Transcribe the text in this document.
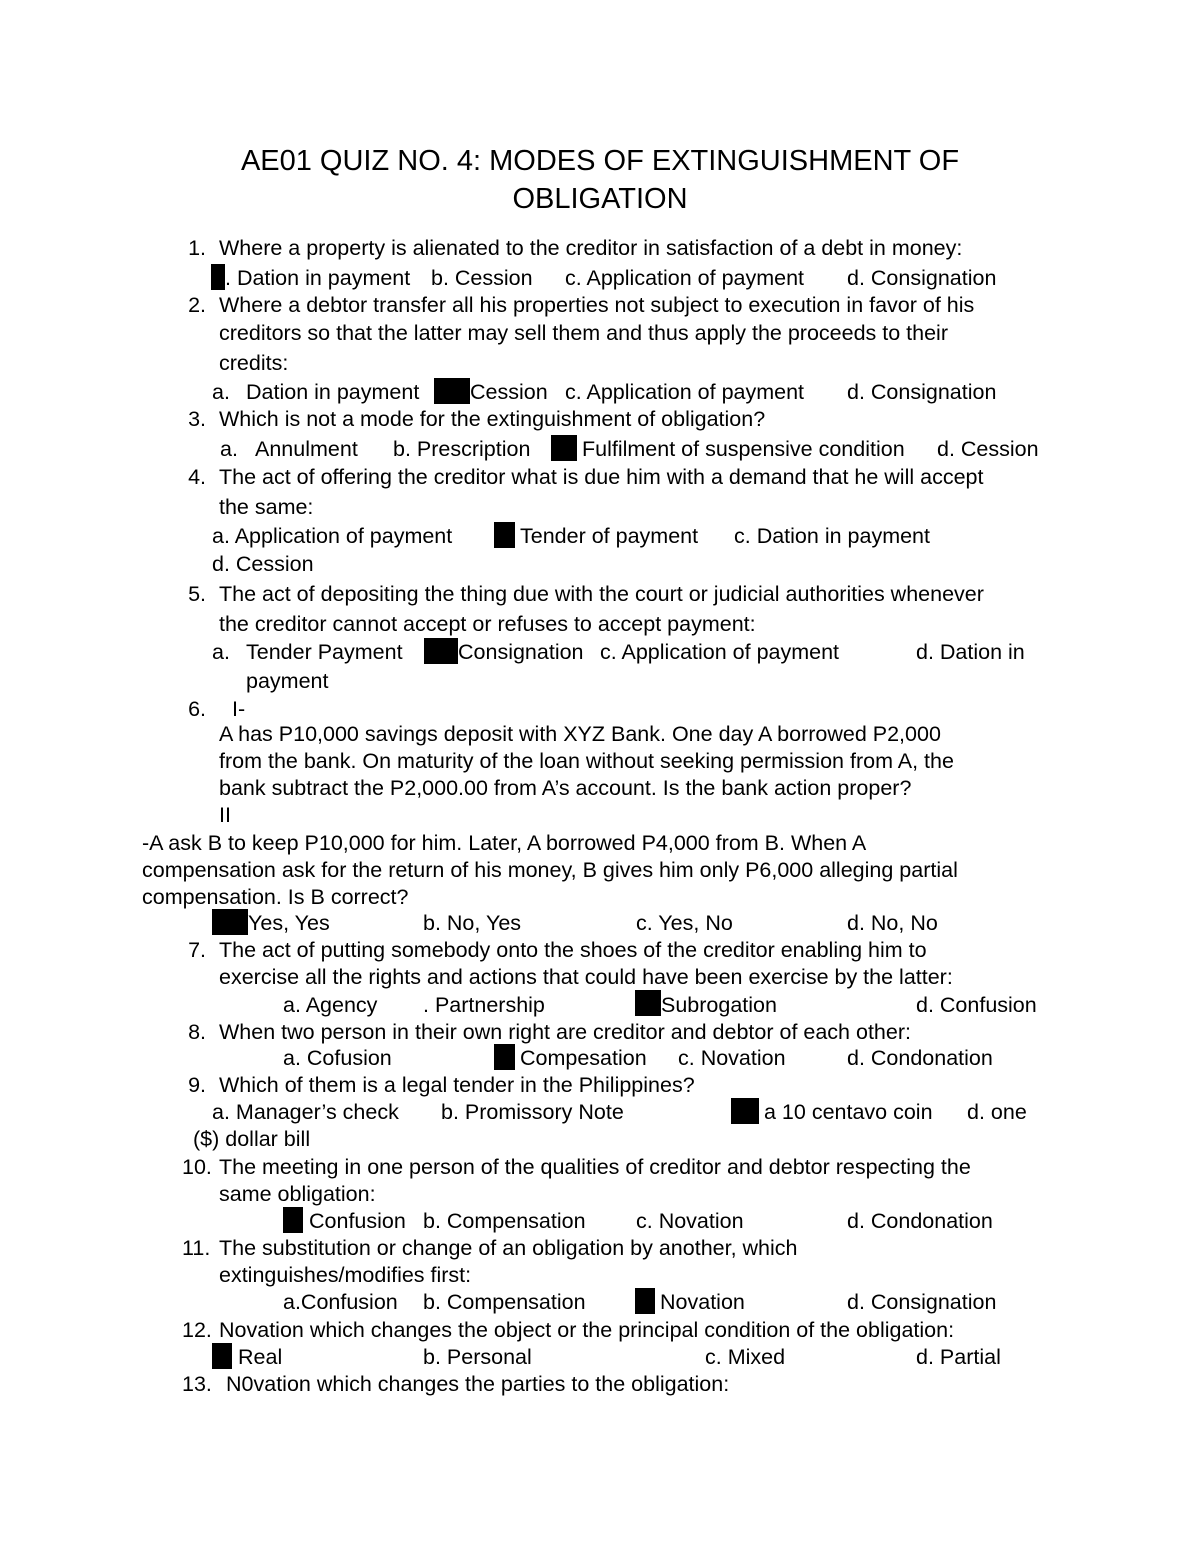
AE01 QUIZ NO. 4: MODES OF EXTINGUISHMENT OF
OBLIGATION
1. Where a property is alienated to the creditor in satisfaction of a debt in money:
. Dation in payment b. Cession c. Application of payment d. Consignation
2. Where a debtor transfer all his properties not subject to execution in favor of his
creditors so that the latter may sell them and thus apply the proceeds to their
credits:
a. Dation in payment Cession c. Application of payment d. Consignation
3. Which is not a mode for the extinguishment of obligation?
a. Annulment b. Prescription Fulfilment of suspensive condition d. Cession
4. The act of offering the creditor what is due him with a demand that he will accept
the same:
a. Application of payment	Tender of payment c. Dation in payment
d. Cession
5. The act of depositing the thing due with the court or judicial authorities whenever
the creditor cannot accept or refuses to accept payment:
a. Tender Payment	Consignation c. Application of payment	d. Dation in
payment
6. I-
A has P10,000 savings deposit with XYZ Bank. One day A borrowed P2,000
from the bank. On maturity of the loan without seeking permission from A, the
bank subtract the P2,000.00 from A’s account. Is the bank action proper?
II
-A ask B to keep P10,000 for him. Later, A borrowed P4,000 from B. When A
compensation ask for the return of his money, B gives him only P6,000 alleging partial
compensation. Is B correct?
Yes, Yes	b. No, Yes	c. Yes, No	d. No, No
7. The act of putting somebody onto the shoes of the creditor enabling him to
exercise all the rights and actions that could have been exercise by the latter:
a. Agency . Partnership	Subrogation	d. Confusion
8. When two person in their own right are creditor and debtor of each other:
a. Cofusion	Compesation c. Novation	d. Condonation
9. Which of them is a legal tender in the Philippines?
a. Manager’s check b. Promissory Note	a 10 centavo coin d. one
($) dollar bill
10. The meeting in one person of the qualities of creditor and debtor respecting the
same obligation:
Confusion b. Compensation c. Novation	d. Condonation
11. The substitution or change of an obligation by another, which
extinguishes/modifies first:
a.Confusion b. Compensation	Novation	d. Consignation
12. Novation which changes the object or the principal condition of the obligation:
Real	b. Personal	c. Mixed	d. Partial
13. N0vation which changes the parties to the obligation:
